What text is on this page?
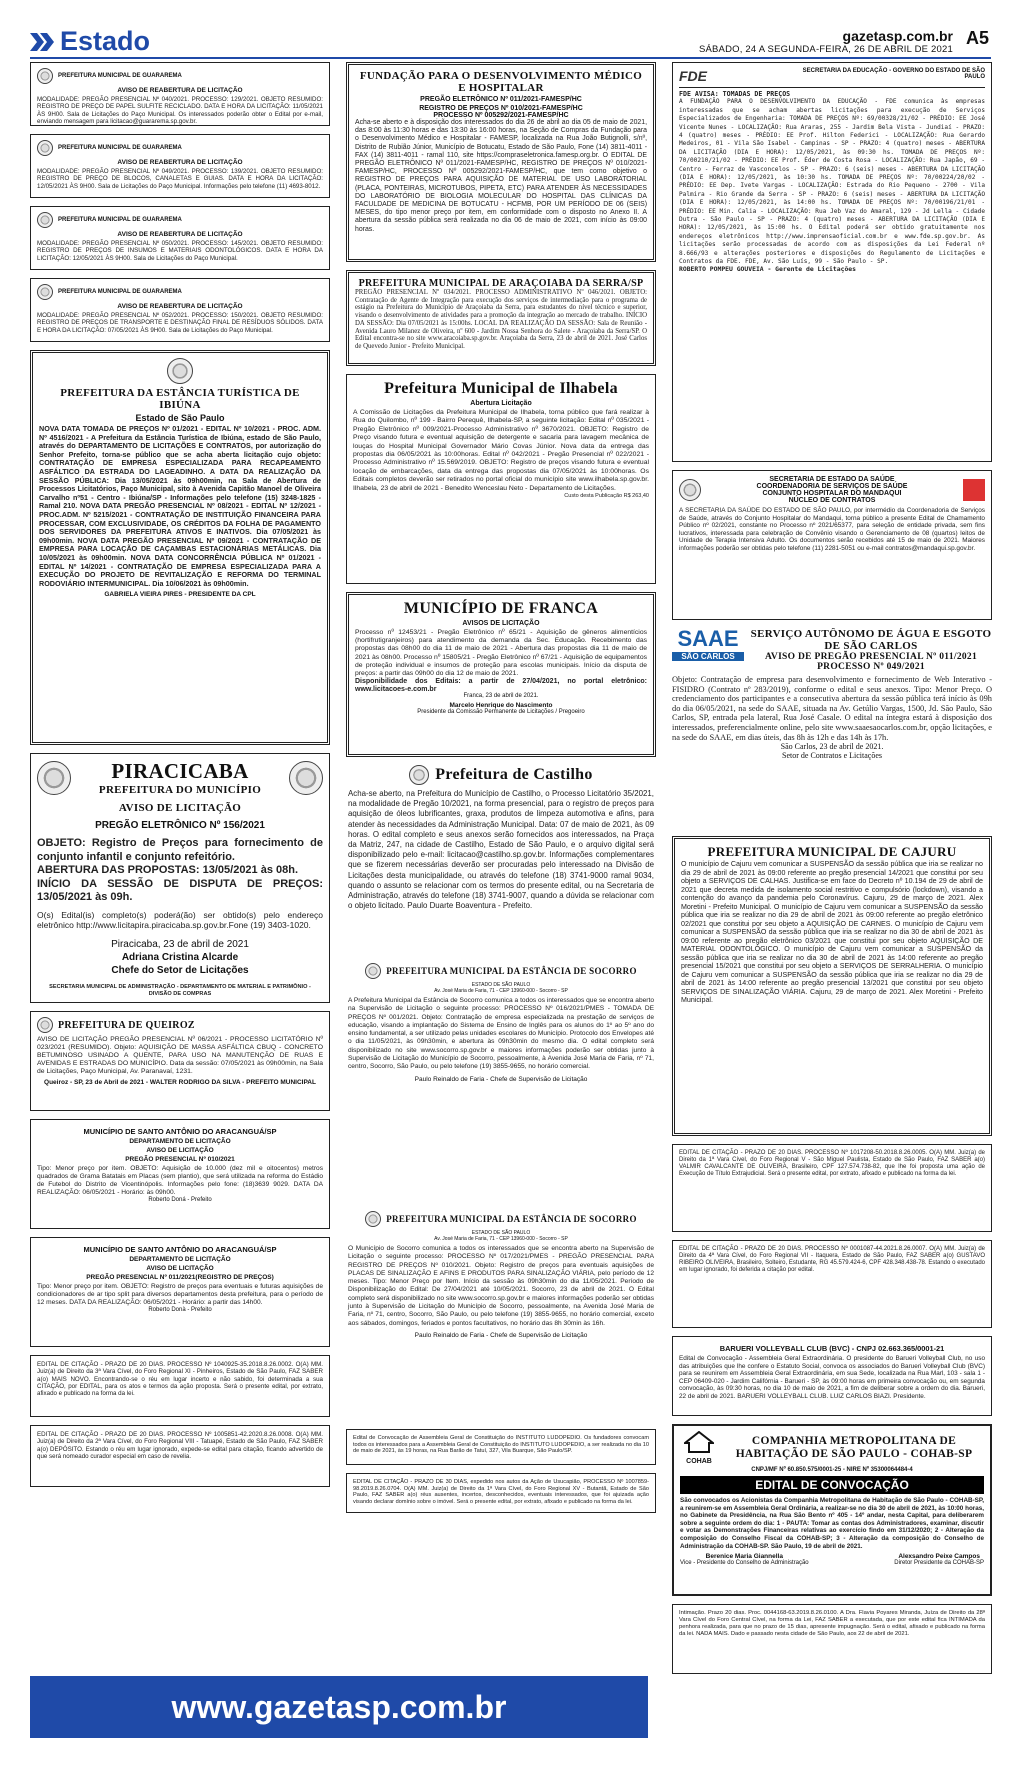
Estado	gazetasp.com.br
SÁBADO, 24 A SEGUNDA-FEIRA, 26 DE ABRIL DE 2021
A5
PREFEITURA MUNICIPAL DE GUARAREMA
AVISO DE REABERTURA DE LICITAÇÃO
MODALIDADE: PREGÃO PRESENCIAL Nº 040/2021. PROCESSO: 129/2021. OBJETO RESUMIDO: REGISTRO DE PREÇO DE PAPEL SULFITE RECICLADO. DATA E HORA DA LICITAÇÃO: 11/05/2021 ÀS 9H00. Sala de Licitações do Paço Municipal. Os interessados poderão obter o Edital por e-mail, enviando mensagem para licitacao@guararema.sp.gov.br.
PREFEITURA MUNICIPAL DE GUARAREMA
AVISO DE REABERTURA DE LICITAÇÃO
MODALIDADE: PREGÃO PRESENCIAL Nº 049/2021. PROCESSO: 139/2021. OBJETO RESUMIDO: REGISTRO DE PREÇO DE BLOCOS, CANALETAS E GUIAS. DATA E HORA DA LICITAÇÃO: 12/05/2021 ÀS 9H00. Sala de Licitações do Paço Municipal. Informações pelo telefone (11) 4693-8012.
PREFEITURA MUNICIPAL DE GUARAREMA
AVISO DE REABERTURA DE LICITAÇÃO
MODALIDADE: PREGÃO PRESENCIAL Nº 050/2021. PROCESSO: 145/2021. OBJETO RESUMIDO: REGISTRO DE PREÇOS DE INSUMOS E MATERIAIS ODONTOLÓGICOS. DATA E HORA DA LICITAÇÃO: 12/05/2021 ÀS 9H00. Sala de Licitações do Paço Municipal.
PREFEITURA MUNICIPAL DE GUARAREMA
AVISO DE REABERTURA DE LICITAÇÃO
MODALIDADE: PREGÃO PRESENCIAL Nº 052/2021. PROCESSO: 150/2021. OBJETO RESUMIDO: REGISTRO DE PREÇOS DE TRANSPORTE E DESTINAÇÃO FINAL DE RESÍDUOS SÓLIDOS. DATA E HORA DA LICITAÇÃO: 07/05/2021 ÀS 9H00. Sala de Licitações do Paço Municipal.
PREFEITURA DA ESTÂNCIA TURÍSTICA DE IBIÚNA
Estado de São Paulo
NOVA DATA TOMADA DE PREÇOS Nº 01/2021 - EDITAL Nº 10/2021 - PROC. ADM. Nº 4516/2021 - A Prefeitura da Estância Turística de Ibiúna, estado de São Paulo, através do DEPARTAMENTO DE LICITAÇÕES E CONTRATOS, por autorização do Senhor Prefeito, torna-se público que se acha aberta licitação cujo objeto: CONTRATAÇÃO DE EMPRESA ESPECIALIZADA PARA RECAPEAMENTO ASFÁLTICO DA ESTRADA DO LAGEADINHO. A DATA DA REALIZAÇÃO DA SESSÃO PÚBLICA: Dia 13/05/2021 às 09h00min, na Sala de Abertura de Processos Licitatórios, Paço Municipal, sito à Avenida Capitão Manoel de Oliveira Carvalho nº51 - Centro - Ibiúna/SP - Informações pelo telefone (15) 3248-1825 - Ramal 210. NOVA DATA PREGÃO PRESENCIAL Nº 08/2021 - EDITAL Nº 12/2021 - PROC.ADM. Nº 5215/2021 - CONTRATAÇÃO DE INSTITUIÇÃO FINANCEIRA PARA PROCESSAR, COM EXCLUSIVIDADE, OS CRÉDITOS DA FOLHA DE PAGAMENTO DOS SERVIDORES DA PREFEITURA ATIVOS E INATIVOS. Dia 07/05/2021 às 09h00min. NOVA DATA PREGÃO PRESENCIAL Nº 09/2021 - CONTRATAÇÃO DE EMPRESA PARA LOCAÇÃO DE CAÇAMBAS ESTACIONÁRIAS METÁLICAS. Dia 10/05/2021 às 09h00min. NOVA DATA CONCORRÊNCIA PÚBLICA Nº 01/2021 - EDITAL Nº 14/2021 - CONTRATAÇÃO DE EMPRESA ESPECIALIZADA PARA A EXECUÇÃO DO PROJETO DE REVITALIZAÇÃO E REFORMA DO TERMINAL RODOVIÁRIO INTERMUNICIPAL. Dia 10/06/2021 às 09h00min.
GABRIELA VIEIRA PIRES - PRESIDENTE DA CPL
PIRACICABA
PREFEITURA DO MUNICÍPIO
AVISO DE LICITAÇÃO
PREGÃO ELETRÔNICO Nº 156/2021
OBJETO: Registro de Preços para fornecimento de conjunto infantil e conjunto refeitório.
ABERTURA DAS PROPOSTAS: 13/05/2021 às 08h.
INÍCIO DA SESSÃO DE DISPUTA DE PREÇOS: 13/05/2021 às 09h.
O(s) Edital(is) completo(s) poderá(ão) ser obtido(s) pelo endereço eletrônico http://www.licitapira.piracicaba.sp.gov.br.Fone (19) 3403-1020.
Piracicaba, 23 de abril de 2021
Adriana Cristina Alcarde
Chefe do Setor de Licitações
SECRETARIA MUNICIPAL DE ADMINISTRAÇÃO - DEPARTAMENTO DE MATERIAL E PATRIMÔNIO - DIVISÃO DE COMPRAS
PREFEITURA DE QUEIROZ
AVISO DE LICITAÇÃO PREGÃO PRESENCIAL Nº 06/2021 - PROCESSO LICITATÓRIO Nº 023/2021 (RESUMIDO). Objeto: AQUISIÇÃO DE MASSA ASFÁLTICA CBUQ - CONCRETO BETUMINOSO USINADO A QUENTE, PARA USO NA MANUTENÇÃO DE RUAS E AVENIDAS E ESTRADAS DO MUNICÍPIO. Data da sessão: 07/05/2021 às 09h00min, na Sala de Licitações, Paço Municipal, Av. Paranavaí, 1231.
Queiroz - SP, 23 de Abril de 2021 - WALTER RODRIGO DA SILVA - PREFEITO MUNICIPAL
MUNICÍPIO DE SANTO ANTÔNIO DO ARACANGUÁ/SP
DEPARTAMENTO DE LICITAÇÃO
AVISO DE LICITAÇÃO
PREGÃO PRESENCIAL Nº 010/2021
Tipo: Menor preço por item. OBJETO: Aquisição de 10.000 (dez mil e oitocentos) metros quadrados de Grama Batatais em Placas (sem plantio), que será utilizada na reforma do Estádio de Futebol do Distrito de Vicentinópolis. Informações pelo fone: (18)3639 9029. DATA DA REALIZAÇÃO: 06/05/2021 - Horário: às 09h00.
Roberto Doná - Prefeito
MUNICÍPIO DE SANTO ANTÔNIO DO ARACANGUÁ/SP
DEPARTAMENTO DE LICITAÇÃO
AVISO DE LICITAÇÃO
PREGÃO PRESENCIAL Nº 011/2021(REGISTRO DE PREÇOS)
Tipo: Menor preço por item. OBJETO: Registro de preços para eventuais e futuras aquisições de condicionadores de ar tipo split para diversos departamentos desta prefeitura, para o período de 12 meses. DATA DA REALIZAÇÃO: 06/05/2021 - Horário: a partir das 14h00.
Roberto Donà - Prefeito
EDITAL DE CITAÇÃO - PRAZO DE 20 DIAS. PROCESSO Nº 1040925-35.2018.8.26.0002. O(A) MM. Juiz(a) de Direito da 3ª Vara Cível, do Foro Regional XI - Pinheiros, Estado de São Paulo, FAZ SABER a(o) MAIS NOVO. Encontrando-se o réu em lugar incerto e não sabido, foi determinada a sua CITAÇÃO, por EDITAL, para os atos e termos da ação proposta. Será o presente edital, por extrato, afixado e publicado na forma da lei.
EDITAL DE CITAÇÃO - PRAZO DE 20 DIAS. PROCESSO Nº 1005851-42.2020.8.26.0008. O(A) MM. Juiz(a) de Direito da 2ª Vara Cível, do Foro Regional VIII - Tatuapé, Estado de São Paulo, FAZ SABER a(o) DEPÓSITO. Estando o réu em lugar ignorado, expede-se edital para citação, ficando advertido de que será nomeado curador especial em caso de revelia.
FUNDAÇÃO PARA O DESENVOLVIMENTO MÉDICO E HOSPITALAR
PREGÃO ELETRÔNICO Nº 011/2021-FAMESP/HC
REGISTRO DE PREÇOS Nº 010/2021-FAMESP/HC
PROCESSO Nº 005292/2021-FAMESP/HC
Acha-se aberto e à disposição dos interessados do dia 26 de abril ao dia 05 de maio de 2021, das 8:00 às 11:30 horas e das 13:30 às 16:00 horas, na Seção de Compras da Fundação para o Desenvolvimento Médico e Hospitalar - FAMESP, localizada na Rua João Butignolli, s/nº, Distrito de Rubião Júnior, Município de Botucatu, Estado de São Paulo, Fone (14) 3811-4011 - FAX (14) 3811-4011 - ramal 110, site https://compraseletronica.famesp.org.br. O EDITAL DE PREGÃO ELETRÔNICO Nº 011/2021-FAMESP/HC, REGISTRO DE PREÇOS Nº 010/2021-FAMESP/HC, PROCESSO Nº 005292/2021-FAMESP/HC, que tem como objetivo o REGISTRO DE PREÇOS PARA AQUISIÇÃO DE MATERIAL DE USO LABORATORIAL (PLACA, PONTEIRAS, MICROTUBOS, PIPETA, ETC) PARA ATENDER ÀS NECESSIDADES DO LABORATÓRIO DE BIOLOGIA MOLECULAR DO HOSPITAL DAS CLÍNICAS DA FACULDADE DE MEDICINA DE BOTUCATU - HCFMB, POR UM PERÍODO DE 06 (SEIS) MESES, do tipo menor preço por item, em conformidade com o disposto no Anexo II. A abertura da sessão pública será realizada no dia 06 de maio de 2021, com início às 09:00 horas.
PREFEITURA MUNICIPAL DE ARAÇOIABA DA SERRA/SP
PREGÃO PRESENCIAL Nº 034/2021. PROCESSO ADMINISTRATIVO Nº 046/2021. OBJETO: Contratação de Agente de Integração para execução dos serviços de intermediação para o programa de estágio na Prefeitura do Município de Araçoiaba da Serra, para estudantes do nível técnico e superior, visando o desenvolvimento de atividades para a promoção da integração ao mercado de trabalho. INÍCIO DA SESSÃO: Dia 07/05/2021 às 15:00hs. LOCAL DA REALIZAÇÃO DA SESSÃO: Sala de Reunião - Avenida Lauro Milanez de Oliveira, nº 600 - Jardim Nossa Senhora do Salete - Araçoiaba da Serra/SP. O Edital encontra-se no site www.aracoiaba.sp.gov.br. Araçoiaba da Serra, 23 de abril de 2021. José Carlos de Quevedo Junior - Prefeito Municipal.
Prefeitura Municipal de Ilhabela
Abertura Licitação
A Comissão de Licitações da Prefeitura Municipal de Ilhabela, torna público que fará realizar à Rua do Quilombo, nº 199 - Bairro Perequê, Ilhabela-SP, a seguinte licitação: Edital nº 035/2021 - Pregão Eletrônico nº 009/2021-Processo Administrativo nº 3670/2021. OBJETO: Registro de Preço visando futura e eventual aquisição de detergente e sacaria para lavagem mecânica de louças do Hospital Municipal Governador Mário Covas Júnior. Nova data da entrega das propostas dia 06/05/2021 às 10:00horas. Edital nº 042/2021 - Pregão Presencial nº 022/2021 - Processo Administrativo nº 15.569/2019. OBJETO: Registro de preços visando futura e eventual locação de embarcações, data da entrega das propostas dia 07/05/2021 às 10:00horas. Os Editais completos deverão ser retirados no portal oficial do município site www.ilhabela.sp.gov.br. Ilhabela, 23 de abril de 2021 - Benedito Wenceslau Neto - Departamento de Licitações.
Custo desta Publicação R$ 263,40
MUNICÍPIO DE FRANCA
AVISOS DE LICITAÇÃO
Processo nº 12453/21 - Pregão Eletrônico nº 65/21 - Aquisição de gêneros alimentícios (hortifrutigranjeiros) para atendimento da demanda da Sec. Educação. Recebimento das propostas das 08h00 do dia 11 de maio de 2021 - Abertura das propostas dia 11 de maio de 2021 às 08h00. Processo nº 15805/21 - Pregão Eletrônico nº 67/21 - Aquisição de equipamentos de proteção individual e insumos de proteção para escolas municipais. Início da disputa de preços: a partir das 09h00 do dia 12 de maio de 2021.
Disponibilidade dos Editais: a partir de 27/04/2021, no portal eletrônico: www.licitacoes-e.com.br
Franca, 23 de abril de 2021.
Marcelo Henrique do Nascimento
Presidente da Comissão Permanente de Licitações / Pregoeiro
Prefeitura de Castilho
Acha-se aberto, na Prefeitura do Município de Castilho, o Processo Licitatório 35/2021, na modalidade de Pregão 10/2021, na forma presencial, para o registro de preços para aquisição de óleos lubrificantes, graxa, produtos de limpeza automotiva e afins, para atender às necessidades da Administração Municipal. Data: 07 de maio de 2021, às 09 horas. O edital completo e seus anexos serão fornecidos aos interessados, na Praça da Matriz, 247, na cidade de Castilho, Estado de São Paulo, e o arquivo digital será disponibilizado pelo e-mail: licitacao@castilho.sp.gov.br. Informações complementares que se fizerem necessárias deverão ser procuradas pelo interessado na Divisão de Licitações desta municipalidade, ou através do telefone (18) 3741-9000 ramal 9034, quando o assunto se relacionar com os termos do presente edital, ou na Secretaria de Administração, através do telefone (18) 3741-9007, quando a dúvida se relacionar com o objeto licitado. Paulo Duarte Boaventura - Prefeito.
PREFEITURA MUNICIPAL DA ESTÂNCIA DE SOCORRO
ESTADO DE SÃO PAULO
Av. José Maria de Faria, 71 - CEP 13960-000 - Socorro - SP
A Prefeitura Municipal da Estância de Socorro comunica a todos os interessados que se encontra aberto na Supervisão de Licitação o seguinte processo: PROCESSO Nº 016/2021/PMES - TOMADA DE PREÇOS Nº 001/2021. Objeto: Contratação de empresa especializada na prestação de serviços de educação, visando a implantação do Sistema de Ensino de Inglês para os alunos do 1º ao 5º ano do ensino fundamental, a ser utilizado pelas unidades escolares do Município. Protocolo dos Envelopes até o dia 11/05/2021, às 09h30min, e abertura às 09h30min do mesmo dia. O edital completo será disponibilizado no site www.socorro.sp.gov.br e maiores informações poderão ser obtidas junto à Supervisão de Licitação do Município de Socorro, pessoalmente, à Avenida José Maria de Faria, nº 71, centro, Socorro, São Paulo, ou pelo telefone (19) 3855-9655, no horário comercial.
Paulo Reinaldo de Faria - Chefe de Supervisão de Licitação
PREFEITURA MUNICIPAL DA ESTÂNCIA DE SOCORRO
ESTADO DE SÃO PAULO
Av. José Maria de Faria, 71 - CEP 13960-000 - Socorro - SP
O Município de Socorro comunica a todos os interessados que se encontra aberto na Supervisão de Licitação o seguinte processo: PROCESSO Nº 017/2021/PMES - PREGÃO PRESENCIAL PARA REGISTRO DE PREÇOS Nº 010/2021. Objeto: Registro de preços para eventuais aquisições de PLACAS DE SINALIZAÇÃO E AFINS E PRODUTOS PARA SINALIZAÇÃO VIÁRIA, pelo período de 12 meses. Tipo: Menor Preço por Item. Início da sessão às 09h30min do dia 11/05/2021. Período de Disponibilização do Edital: De 27/04/2021 até 10/05/2021. Socorro, 23 de abril de 2021. O Edital completo será disponibilizado no site www.socorro.sp.gov.br e maiores informações poderão ser obtidas junto à Supervisão de Licitação do Município de Socorro, pessoalmente, na Avenida José Maria de Faria, nº 71, centro, Socorro, São Paulo, ou pelo telefone (19) 3855-9655, no horário comercial, exceto aos sábados, domingos, feriados e pontos facultativos, no horário das 8h 30min às 16h.
Paulo Reinaldo de Faria - Chefe de Supervisão de Licitação
Edital de Convocação de Assembleia Geral de Constituição do INSTITUTO LUDOPEDIO. Os fundadores convocam todos os interessados para a Assembleia Geral de Constituição do INSTITUTO LUDOPEDIO, a ser realizada no dia 10 de maio de 2021, às 19 horas, na Rua Barão de Tatuí, 327, Vila Buarque, São Paulo/SP.
EDITAL DE CITAÇÃO - PRAZO DE 30 DIAS, expedido nos autos da Ação de Usucapião, PROCESSO Nº 1007859-98.2019.8.26.0704. O(A) MM. Juiz(a) de Direito da 1ª Vara Cível, do Foro Regional XV - Butantã, Estado de São Paulo, FAZ SABER a(o) réus ausentes, incertos, desconhecidos, eventuais interessados, que foi ajuizada ação visando declarar domínio sobre o imóvel. Será o presente edital, por extrato, afixado e publicado na forma da lei.
FDE	SECRETARIA DA EDUCAÇÃO - GOVERNO DO ESTADO DE SÃO PAULO
FDE AVISA: TOMADAS DE PREÇOS
A FUNDAÇÃO PARA O DESENVOLVIMENTO DA EDUCAÇÃO - FDE comunica às empresas interessadas que se acham abertas licitações para execução de Serviços Especializados de Engenharia: TOMADA DE PREÇOS Nº: 69/00328/21/02 - PRÉDIO: EE José Vicente Nunes - LOCALIZAÇÃO: Rua Araras, 255 - Jardim Bela Vista - Jundiaí - PRAZO: 4 (quatro) meses - PRÉDIO: EE Prof. Hilton Federici - LOCALIZAÇÃO: Rua Gerardo Medeiros, 01 - Vila São Isabel - Campinas - SP - PRAZO: 4 (quatro) meses - ABERTURA DA LICITAÇÃO (DIA E HORA): 12/05/2021, às 09:30 hs. TOMADA DE PREÇOS Nº: 70/00210/21/02 - PRÉDIO: EE Prof. Éder de Costa Rosa - LOCALIZAÇÃO: Rua Japão, 69 - Centro - Ferraz de Vasconcelos - SP - PRAZO: 6 (seis) meses - ABERTURA DA LICITAÇÃO (DIA E HORA): 12/05/2021, às 10:30 hs. TOMADA DE PREÇOS Nº: 70/00224/20/02 - PRÉDIO: EE Dep. Ivete Vargas - LOCALIZAÇÃO: Estrada do Rio Pequeno - 2700 - Vila Palmira - Rio Grande da Serra - SP - PRAZO: 6 (seis) meses - ABERTURA DA LICITAÇÃO (DIA E HORA): 12/05/2021, às 14:00 hs. TOMADA DE PREÇOS Nº: 70/00196/21/01 - PRÉDIO: EE Min. Calia - LOCALIZAÇÃO: Rua Jeb Vaz do Amaral, 129 - Jd Lella - Cidade Dutra - São Paulo - SP - PRAZO: 4 (quatro) meses - ABERTURA DA LICITAÇÃO (DIA E HORA): 12/05/2021, às 15:00 hs. O Edital poderá ser obtido gratuitamente nos endereços eletrônicos http://www.imprensaoficial.com.br e www.fde.sp.gov.br. As licitações serão processadas de acordo com as disposições da Lei Federal nº 8.666/93 e alterações posteriores e disposições do Regulamento de Licitações e Contratos da FDE. FDE, Av. São Luís, 99 - São Paulo - SP.
ROBERTO POMPEU GOUVEIA - Gerente de Licitações
SECRETARIA DE ESTADO DA SAÚDE
COORDENADORIA DE SERVIÇOS DE SAÚDE
CONJUNTO HOSPITALAR DO MANDAQUI
NÚCLEO DE CONTRATOS
A SECRETARIA DA SAÚDE DO ESTADO DE SÃO PAULO, por intermédio da Coordenadoria de Serviços de Saúde, através do Conjunto Hospitalar do Mandaqui, torna público a presente Edital de Chamamento Público nº 02/2021, constante no Processo nº 2021/65377, para seleção de entidade privada, sem fins lucrativos, interessada para celebração de Convênio visando o Gerenciamento de 08 (quartos) leitos de Unidade de Terapia Intensiva Adulto. Os documentos serão recebidos até 15 de maio de 2021. Maiores informações poderão ser obtidas pelo telefone (11) 2281-5051 ou e-mail contratos@mandaqui.sp.gov.br.
SAAE
SÃO CARLOS
SERVIÇO AUTÔNOMO DE ÁGUA E ESGOTO DE SÃO CARLOS
AVISO DE PREGÃO PRESENCIAL Nº 011/2021
PROCESSO Nº 049/2021
Objeto: Contratação de empresa para desenvolvimento e fornecimento de Web Interativo - FISIDRO (Contrato nº 283/2019), conforme o edital e seus anexos. Tipo: Menor Preço. O credenciamento dos participantes e a consecutiva abertura da sessão pública terá início às 09h do dia 06/05/2021, na sede do SAAE, situada na Av. Getúlio Vargas, 1500, Jd. São Paulo, São Carlos, SP, entrada pela lateral, Rua José Casale. O edital na íntegra estará à disposição dos interessados, preferencialmente online, pelo site www.saaesaocarlos.com.br, opção licitações, e na sede do SAAE, em dias úteis, das 8h às 12h e das 14h às 17h.
São Carlos, 23 de abril de 2021.
Setor de Contratos e Licitações
PREFEITURA MUNICIPAL DE CAJURU
O município de Cajuru vem comunicar a SUSPENSÃO da sessão pública que iria se realizar no dia 29 de abril de 2021 às 09:00 referente ao pregão presencial 14/2021 que constitui por seu objeto a SERVIÇOS DE CALHAS. Justifica-se em face do Decreto nº 10.194 de 29 de abril de 2021 que decreta medida de isolamento social restritivo e compulsório (lockdown), visando a contenção do avanço da pandemia pelo Coronavírus. Cajuru, 29 de março de 2021. Alex Moretini - Prefeito Municipal. O município de Cajuru vem comunicar a SUSPENSÃO da sessão pública que iria se realizar no dia 29 de abril de 2021 às 09:00 referente ao pregão eletrônico 02/2021 que constitui por seu objeto a AQUISIÇÃO DE CARNES. O município de Cajuru vem comunicar a SUSPENSÃO da sessão pública que iria se realizar no dia 30 de abril de 2021 às 09:00 referente ao pregão eletrônico 03/2021 que constitui por seu objeto AQUISIÇÃO DE MATERIAL ODONTOLÓGICO. O município de Cajuru vem comunicar a SUSPENSÃO da sessão pública que iria se realizar no dia 30 de abril de 2021 às 14:00 referente ao pregão presencial 15/2021 que constitui por seu objeto a SERVIÇOS DE SERRALHERIA. O município de Cajuru vem comunicar a SUSPENSÃO da sessão pública que iria se realizar no dia 29 de abril de 2021 às 14:00 referente ao pregão presencial 13/2021 que constitui por seu objeto SERVIÇOS DE SINALIZAÇÃO VIÁRIA. Cajuru, 29 de março de 2021. Alex Moretini - Prefeito Municipal.
EDITAL DE CITAÇÃO - PRAZO DE 20 DIAS. PROCESSO Nº 1017208-50.2018.8.26.0005. O(A) MM. Juiz(a) de Direito da 1ª Vara Cível, do Foro Regional V - São Miguel Paulista, Estado de São Paulo, FAZ SABER a(o) VALMIR CAVALCANTE DE OLIVEIRA, Brasileiro, CPF 127.574.738-82, que lhe foi proposta uma ação de Execução de Título Extrajudicial. Será o presente edital, por extrato, afixado e publicado na forma da lei.
EDITAL DE CITAÇÃO - PRAZO DE 20 DIAS. PROCESSO Nº 0001087-44.2021.8.26.0007. O(A) MM. Juiz(a) de Direito da 4ª Vara Cível, do Foro Regional VII - Itaquera, Estado de São Paulo, FAZ SABER a(o) GUSTAVO RIBEIRO OLIVEIRA, Brasileiro, Solteiro, Estudante, RG 45.579.424-6, CPF 428.348.438-78. Estando o executado em lugar ignorado, foi deferida a citação por edital.
BARUERI VOLLEYBALL CLUB (BVC) - CNPJ 02.663.365/0001-21
Edital de Convocação - Assembleia Geral Extraordinária. O presidente do Barueri Volleyball Club, no uso das atribuições que lhe confere o Estatuto Social, convoca os associados do Barueri Volleyball Club (BVC) para se reunirem em Assembleia Geral Extraordinária, em sua Sede, localizada na Rua Marl, 103 - sala 1 - CEP 06409-020 - Jardim Califórnia - Barueri - SP, às 09:00 horas em primeira convocação ou, em segunda convocação, às 09:30 horas, no dia 10 de maio de 2021, a fim de deliberar sobre a ordem do dia. Barueri, 22 de abril de 2021. BARUERI VOLLEYBALL CLUB. LUIZ CARLOS BIAZI. Presidente.
COHAB
COMPANHIA METROPOLITANA DE HABITAÇÃO DE SÃO PAULO - COHAB-SP
CNPJ/MF Nº 60.850.575/0001-25 - NIRE Nº 35300064484-4
EDITAL DE CONVOCAÇÃO
São convocados os Acionistas da Companhia Metropolitana de Habitação de São Paulo - COHAB-SP, a reunirem-se em Assembleia Geral Ordinária, a realizar-se no dia 30 de abril de 2021, às 10:00 horas, no Gabinete da Presidência, na Rua São Bento nº 405 - 14º andar, nesta Capital, para deliberarem sobre a seguinte ordem do dia: 1 - PAUTA: Tomar as contas dos Administradores, examinar, discutir e votar as Demonstrações Financeiras relativas ao exercício findo em 31/12/2020; 2 - Alteração da composição do Conselho Fiscal da COHAB-SP; 3 - Alteração da composição do Conselho de Administração da COHAB-SP. São Paulo, 19 de abril de 2021.
Berenice Maria Giannella
Vice - Presidente do Conselho de Administração
Alexsandro Peixe Campos
Diretor Presidente da COHAB-SP
Intimação. Prazo 20 dias. Proc. 0044168-63.2019.8.26.0100. A Dra. Flavia Poyares Miranda, Juíza de Direito da 28ª Vara Cível do Foro Central Cível, na forma da Lei, FAZ SABER a executada, que por este edital fica INTIMADA da penhora realizada, para que no prazo de 15 dias, apresente impugnação. Será o edital, afixado e publicado na forma da lei. NADA MAIS. Dado e passado nesta cidade de São Paulo, aos 22 de abril de 2021.
www.gazetasp.com.br
